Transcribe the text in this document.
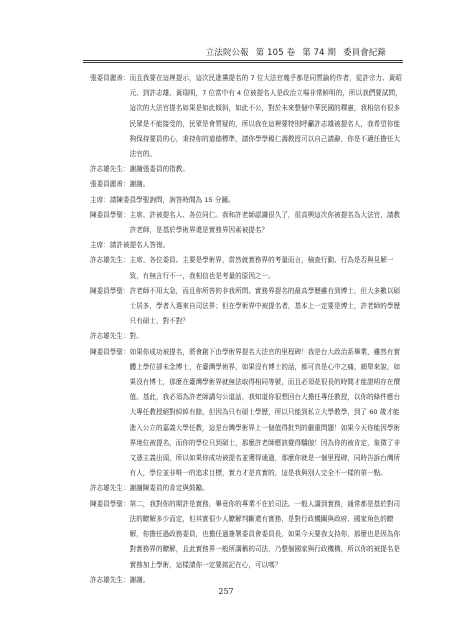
立法院公報 第 105 卷 第 74 期 委員會紀錄

張委員麗善：而且我要在這裡提示，這次民進黨提名的 7 位大法官幾乎都是同質論的作者，從許宗力、黃昭元、到許志雄、黃瑞明，7 位當中有 4 位被提名人是政治立場非常鮮明的，所以我們要試問，這次的大法官提名如果是如此傾斜，如此不公，對於未來整個中華民國的釋憲，我相信有很多民眾是不能接受的，民眾是會質疑的，所以我在這裡要特別呼籲許志雄被提名人，我希望你能夠保持要員的心，秉持你的道德標準，請你學學楊仁壽教授可以自己請辭，你是不適任擔任大法官的。

許志雄先生：謝謝張委員的指教。

張委員麗善：謝謝。

主席：請陳委員學聖詢問，詢答時間為 15 分鐘。

陳委員學聖：主席、許被提名人、各位同仁。我和許老師認識很久了，很高興這次你被提名為大法官，請教許老師，是基於學術界還是實務界因素被提名？

主席：請許被提名人答復。

許志雄先生：主席、各位委員。主要是學術界，當然就實務界的考量而言，檢查行動、行為是否與見解一致，有無言行不一，我相信也是考量的原因之一。

陳委員學聖：許老師不用太急，而且你所答的非我所問。實務界提名的最高學歷雖有到博士，但大多數以碩士居多，學者入選來自司法界；但在學術界中被提名者，基本上一定要是博士，許老師的學歷只有碩士，對不對？

許志雄先生：對。

陳委員學聖：如果你成功被提名，將會創下由學術界提名大法官的里程碑！我是台大政治系畢業，雖然有實體上學位卻未念博士，在臺灣學術界，如果沒有博士的話，都可真是心中之痛，頗單來說，如果沒有博士，那麼在臺灣學術界就無法取得相同等號，而且必須花很長的時間才能證明存在價值。基此，我必須為許老師講句公道話，我知道你很想回台大擔任專任教授，以你的條件應台大專任教授絕對綽綽有餘，但因為只有碩士學歷，所以只能到私立大學教學，到了 60 歲才能進入公立的嘉義大學任教，這是台灣學術界上一個值得批判的嚴重問題！如果今天你能因學術界地位被提名，而你的學位只到碩士，那麼許老師應該覺得驕傲！因為你的被肯定，象徵了非文憑主義出頭，所以如果你成功被提名並獲得通過，那麼你就是一個里程碑，同時告訴台灣所有人，學位並非唯一的追求目標，實力才是真實的，這是我與別人完全不一樣的第一點。

許志雄先生：謝謝陳委員的肯定與鼓勵。

陳委員學聖：第二，我對你的期許是實務，畢竟你的專業不在於司法。一般人講到實務，通常都是基於對司法的瞭解多少而定，但其實很少人瞭解判斷還有實務，是對行政機關與政府、國家角色的瞭解，你擔任過政務委員，也擔任過簽署委員會委員長，如果今天要我支持你，那麼也是因為你對實務界的瞭解，且此實務界一般所講稱的司法，乃整個國家與行政機構，所以你的被提名是實務加上學術，這樣請你一定要銘記在心，可以嗎？

許志雄先生：謝謝。

257
